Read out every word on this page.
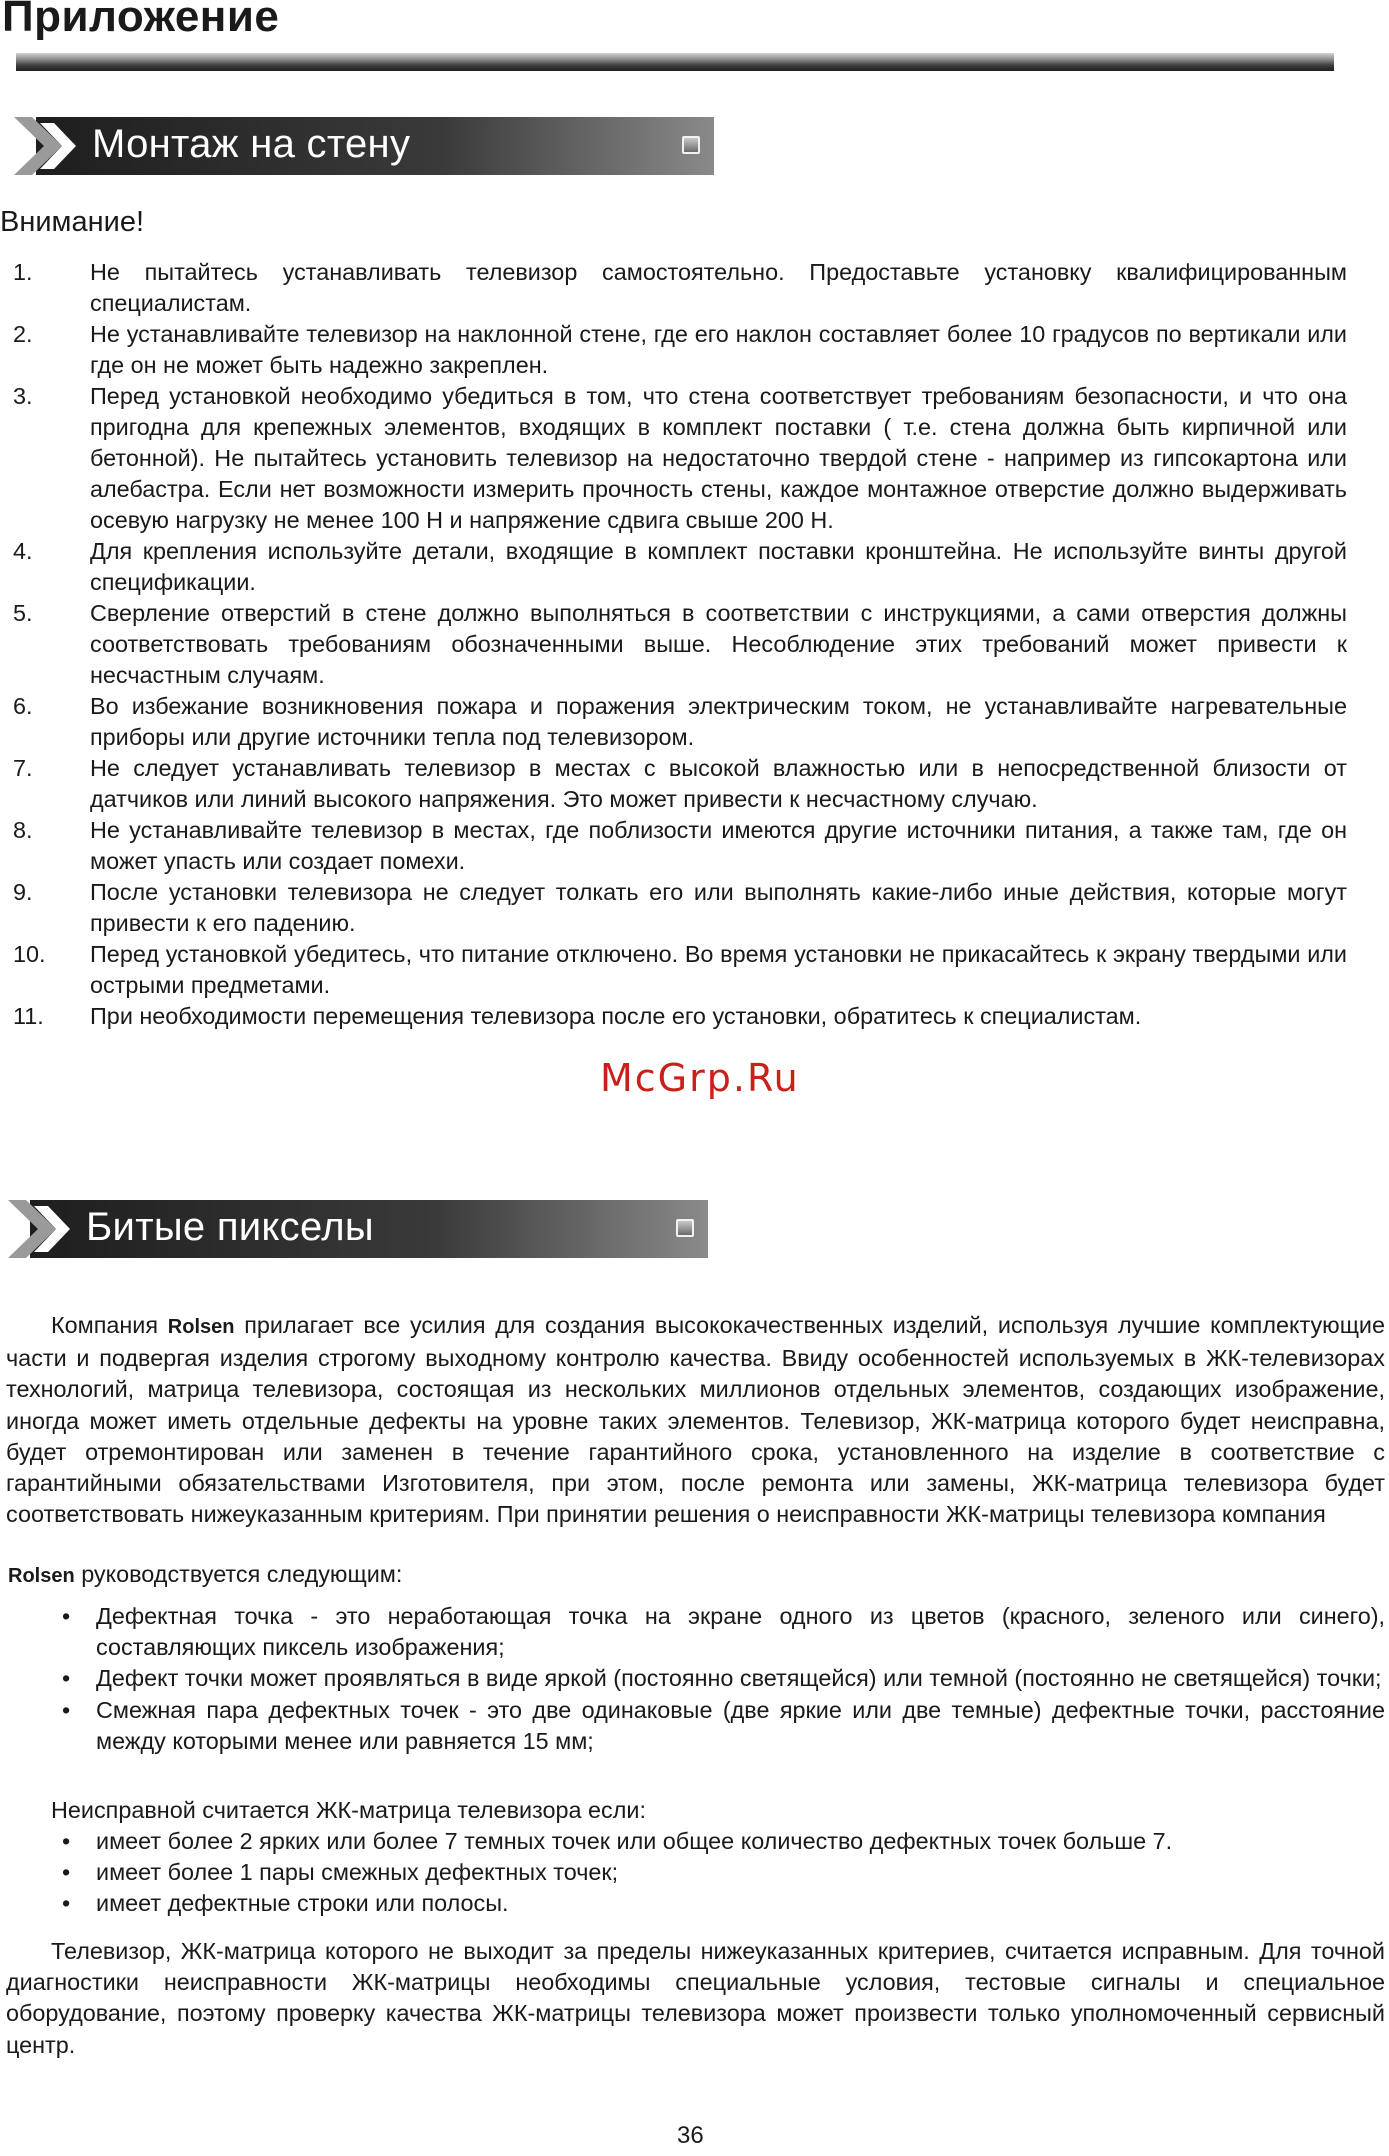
Приложение
Монтаж на стену
Внимание!
1. Не пытайтесь устанавливать телевизор самостоятельно. Предоставьте установку квалифицированным специалистам.
2. Не устанавливайте телевизор на наклонной стене, где его наклон составляет более 10 градусов по вертикали или где он не может быть надежно закреплен.
3. Перед установкой необходимо убедиться в том, что стена соответствует требованиям безопасности, и что она пригодна для крепежных элементов, входящих в комплект поставки ( т.е. стена должна быть кирпичной или бетонной). Не пытайтесь установить телевизор на недостаточно твердой стене - например из гипсокартона или алебастра. Если нет возможности измерить прочность стены, каждое монтажное отверстие должно выдерживать осевую нагрузку не менее 100 Н и напряжение сдвига свыше 200 Н.
4. Для крепления используйте детали, входящие в комплект поставки кронштейна. Не используйте винты другой спецификации.
5. Сверление отверстий в стене должно выполняться в соответствии с инструкциями, а сами отверстия должны соответствовать требованиям обозначенными выше. Несоблюдение этих требований может привести к несчастным случаям.
6. Во избежание возникновения пожара и поражения электрическим током, не устанавливайте нагревательные приборы или другие источники тепла под телевизором.
7. Не следует устанавливать телевизор в местах с высокой влажностью или в непосредственной близости от датчиков или линий высокого напряжения. Это может привести к несчастному случаю.
8. Не устанавливайте телевизор в местах, где поблизости имеются другие источники питания, а также там, где он может упасть или создает помехи.
9. После установки телевизора не следует толкать его или выполнять какие-либо иные действия, которые могут привести к его падению.
10. Перед установкой убедитесь, что питание отключено. Во время установки не прикасайтесь к экрану твердыми или острыми предметами.
11. При необходимости перемещения телевизора после его установки, обратитесь к специалистам.
McGrp.Ru
Битые пикселы

Компания Rolsen прилагает все усилия для создания высококачественных изделий, используя лучшие комплектующие части и подвергая изделия строгому выходному контролю качества. Ввиду особенностей используемых в ЖК-телевизорах технологий, матрица телевизора, состоящая из нескольких миллионов отдельных элементов, создающих изображение, иногда может иметь отдельные дефекты на уровне таких элементов. Телевизор, ЖК-матрица которого будет неисправна, будет отремонтирован или заменен в течение гарантийного срока, установленного на изделие в соответствие с гарантийными обязательствами Изготовителя, при этом, после ремонта или замены, ЖК-матрица телевизора будет соответствовать нижеуказанным критериям. При принятии решения о неисправности ЖК-матрицы телевизора компания

Rolsen руководствуется следующим:

• Дефектная точка - это неработающая точка на экране одного из цветов (красного, зеленого или синего), составляющих пиксель изображения;
• Дефект точки может проявляться в виде яркой (постоянно светящейся) или темной (постоянно не светящейся) точки;
• Смежная пара дефектных точек - это две одинаковые (две яркие или две темные) дефектные точки, расстояние между которыми менее или равняется 15 мм;

Неисправной считается ЖК-матрица телевизора если:

• имеет более 2 ярких или более 7 темных точек или общее количество дефектных точек больше 7.
• имеет более 1 пары смежных дефектных точек;
• имеет дефектные строки или полосы.

Телевизор, ЖК-матрица которого не выходит за пределы нижеуказанных критериев, считается исправным. Для точной диагностики неисправности ЖК-матрицы необходимы специальные условия, тестовые сигналы и специальное оборудование, поэтому проверку качества ЖК-матрицы телевизора может произвести только уполномоченный сервисный центр.

36
